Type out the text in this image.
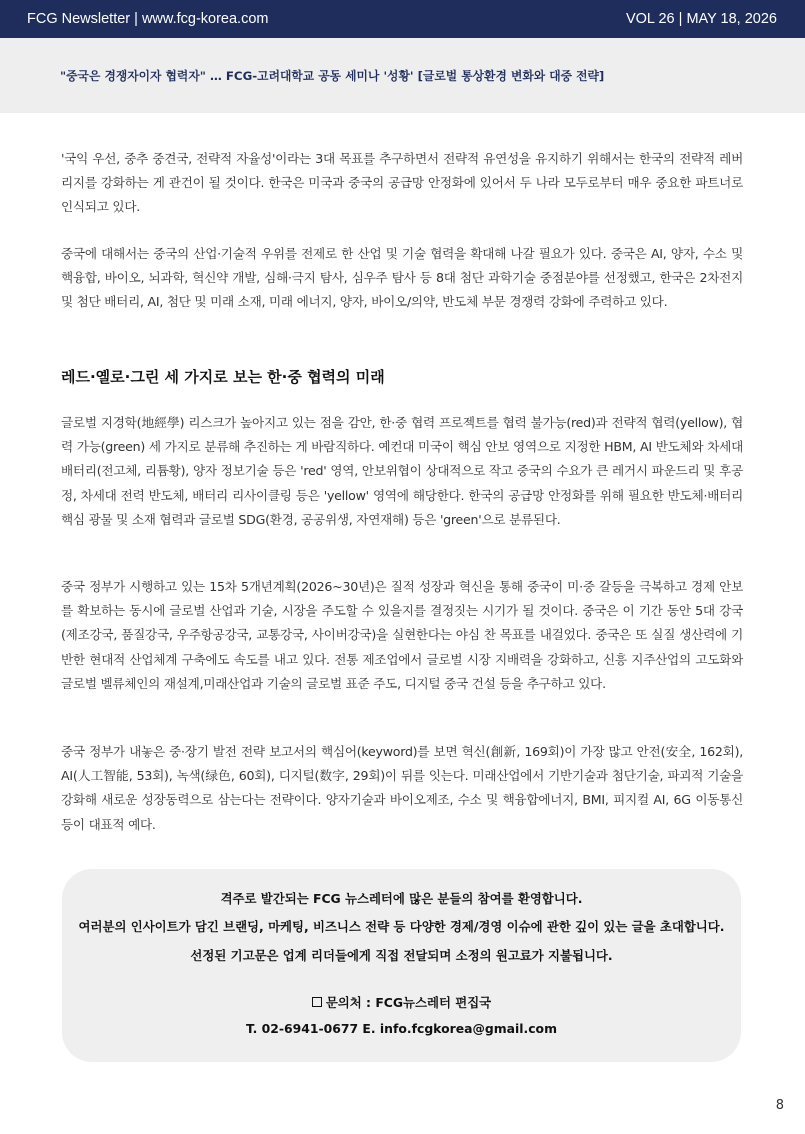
FCG Newsletter | www.fcg-korea.com	VOL 26 | MAY 18, 2026
"중국은 경쟁자이자 협력자" … FCG-고려대학교 공동 세미나 '성황' [글로벌 통상환경 변화와 대중 전략]
'국익 우선, 중추 중견국, 전략적 자율성'이라는 3대 목표를 추구하면서 전략적 유연성을 유지하기 위해서는 한국의 전략적 레버리지를 강화하는 게 관건이 될 것이다. 한국은 미국과 중국의 공급망 안정화에 있어서 두 나라 모두로부터 매우 중요한 파트너로 인식되고 있다.
중국에 대해서는 중국의 산업·기술적 우위를 전제로 한 산업 및 기술 협력을 확대해 나갈 필요가 있다. 중국은 AI, 양자, 수소 및 핵융합, 바이오, 뇌과학, 혁신약 개발, 심해·극지 탐사, 심우주 탐사 등 8대 첨단 과학기술 중점분야를 선정했고, 한국은 2차전지 및 첨단 배터리, AI, 첨단 및 미래 소재, 미래 에너지, 양자, 바이오/의약, 반도체 부문 경쟁력 강화에 주력하고 있다.
레드·옐로·그린 세 가지로 보는 한·중 협력의 미래
글로벌 지경학(地經學) 리스크가 높아지고 있는 점을 감안, 한·중 협력 프로젝트를 협력 불가능(red)과 전략적 협력(yellow), 협력 가능(green) 세 가지로 분류해 추진하는 게 바람직하다. 예컨대 미국이 핵심 안보 영역으로 지정한 HBM, AI 반도체와 차세대 배터리(전고체, 리튬황), 양자 정보기술 등은 'red' 영역, 안보위협이 상대적으로 작고 중국의 수요가 큰 레거시 파운드리 및 후공정, 차세대 전력 반도체, 배터리 리사이클링 등은 'yellow' 영역에 해당한다. 한국의 공급망 안정화를 위해 필요한 반도체·배터리 핵심 광물 및 소재 협력과 글로벌 SDG(환경, 공공위생, 자연재해) 등은 'green'으로 분류된다.
중국 정부가 시행하고 있는 15차 5개년계획(2026~30년)은 질적 성장과 혁신을 통해 중국이 미·중 갈등을 극복하고 경제 안보를 확보하는 동시에 글로벌 산업과 기술, 시장을 주도할 수 있을지를 결정짓는 시기가 될 것이다. 중국은 이 기간 동안 5대 강국(제조강국, 품질강국, 우주항공강국, 교통강국, 사이버강국)을 실현한다는 야심 찬 목표를 내걸었다. 중국은 또 실질 생산력에 기반한 현대적 산업체계 구축에도 속도를 내고 있다. 전통 제조업에서 글로벌 시장 지배력을 강화하고, 신흥 지주산업의 고도화와 글로벌 벨류체인의 재설계,미래산업과 기술의 글로벌 표준 주도, 디지털 중국 건설 등을 추구하고 있다.
중국 정부가 내놓은 중·장기 발전 전략 보고서의 핵심어(keyword)를 보면 혁신(創新, 169회)이 가장 많고 안전(安全, 162회), AI(人工智能, 53회), 녹색(绿色, 60회), 디지털(数字, 29회)이 뒤를 잇는다. 미래산업에서 기반기술과 첨단기술, 파괴적 기술을 강화해 새로운 성장동력으로 삼는다는 전략이다. 양자기술과 바이오제조, 수소 및 핵융합에너지, BMI, 피지컬 AI, 6G 이동통신 등이 대표적 예다.
격주로 발간되는 FCG 뉴스레터에 많은 분들의 참여를 환영합니다.
여러분의 인사이트가 담긴 브랜딩, 마케팅, 비즈니스 전략 등 다양한 경제/경영 이슈에 관한 깊이 있는 글을 초대합니다.
선정된 기고문은 업계 리더들에게 직접 전달되며 소정의 원고료가 지불됩니다.
문의처 : FCG뉴스레터 편집국
T. 02-6941-0677 E. info.fcgkorea@gmail.com
8
